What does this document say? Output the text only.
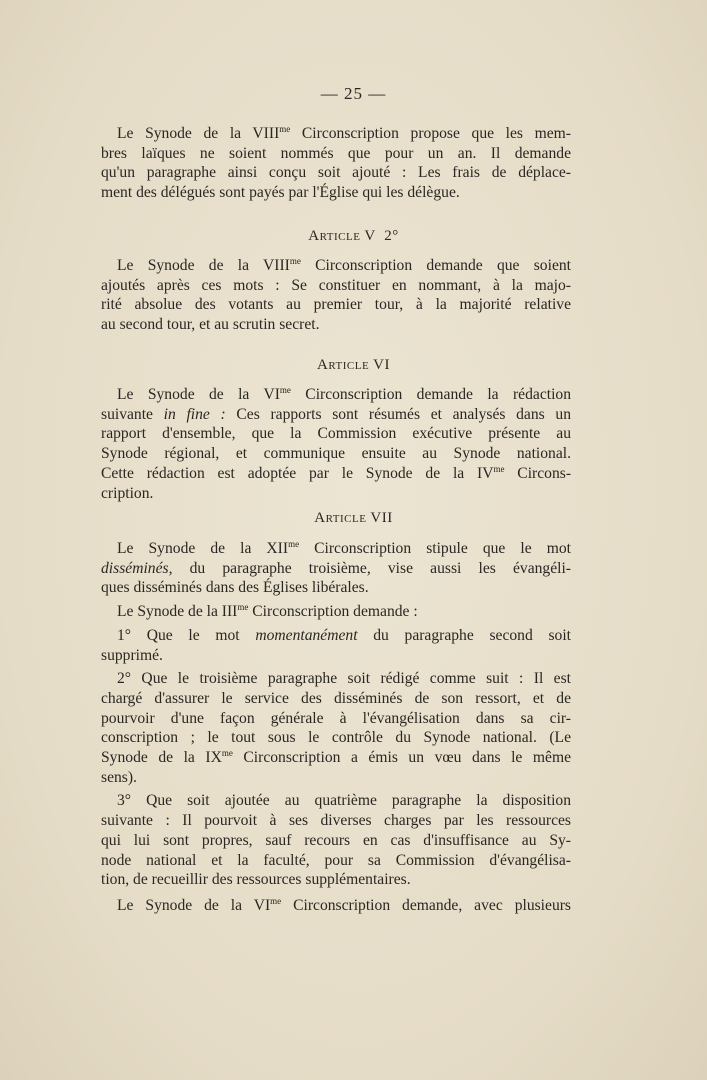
— 25 —

Le Synode de la $VIII^{me}$ Circonscription propose que les mem-

bres laïques ne soient nommés que pour un an. Il demande

qu'un paragraphe ainsi conçu soit ajouté : Les frais de déplace-

ment des délégués sont payés par l'Église qui les délègue.

Article V 2°

Le Synode de la $VIII^{me}$ Circonscription demande que soient

ajoutés après ces mots : Se constituer en nommant, à la majo-

rité absolue des votants au premier tour, à la majorité relative

au second tour, et au scrutin secret.

Article VI

Le Synode de la $VI^{me}$ Circonscription demande la rédaction

suivante in fine : Ces rapports sont résumés et analysés dans un

rapport d'ensemble, que la Commission exécutive présente au

Synode régional, et communique ensuite au Synode national.

Cette rédaction est adoptée par le Synode de la $IV^{me}$ Circons-

cription.

Article VII

Le Synode de la $XII^{me}$ Circonscription stipule que le mot

disséminés, du paragraphe troisième, vise aussi les évangéli-

ques disséminés dans des Églises libérales.

Le Synode de la $III^{me}$ Circonscription demande :

1° Que le mot momentanément du paragraphe second soit

supprimé.

2° Que le troisième paragraphe soit rédigé comme suit : Il est

chargé d'assurer le service des disséminés de son ressort, et de

pourvoir d'une façon générale à l'évangélisation dans sa cir-

conscription ; le tout sous le contrôle du Synode national. (Le

Synode de la $IX^{me}$ Circonscription a émis un vœu dans le même

sens).

3° Que soit ajoutée au quatrième paragraphe la disposition

suivante : Il pourvoit à ses diverses charges par les ressources

qui lui sont propres, sauf recours en cas d'insuffisance au Sy-

node national et la faculté, pour sa Commission d'évangélisa-

tion, de recueillir des ressources supplémentaires.

Le Synode de la $VI^{me}$ Circonscription demande, avec plusieurs
